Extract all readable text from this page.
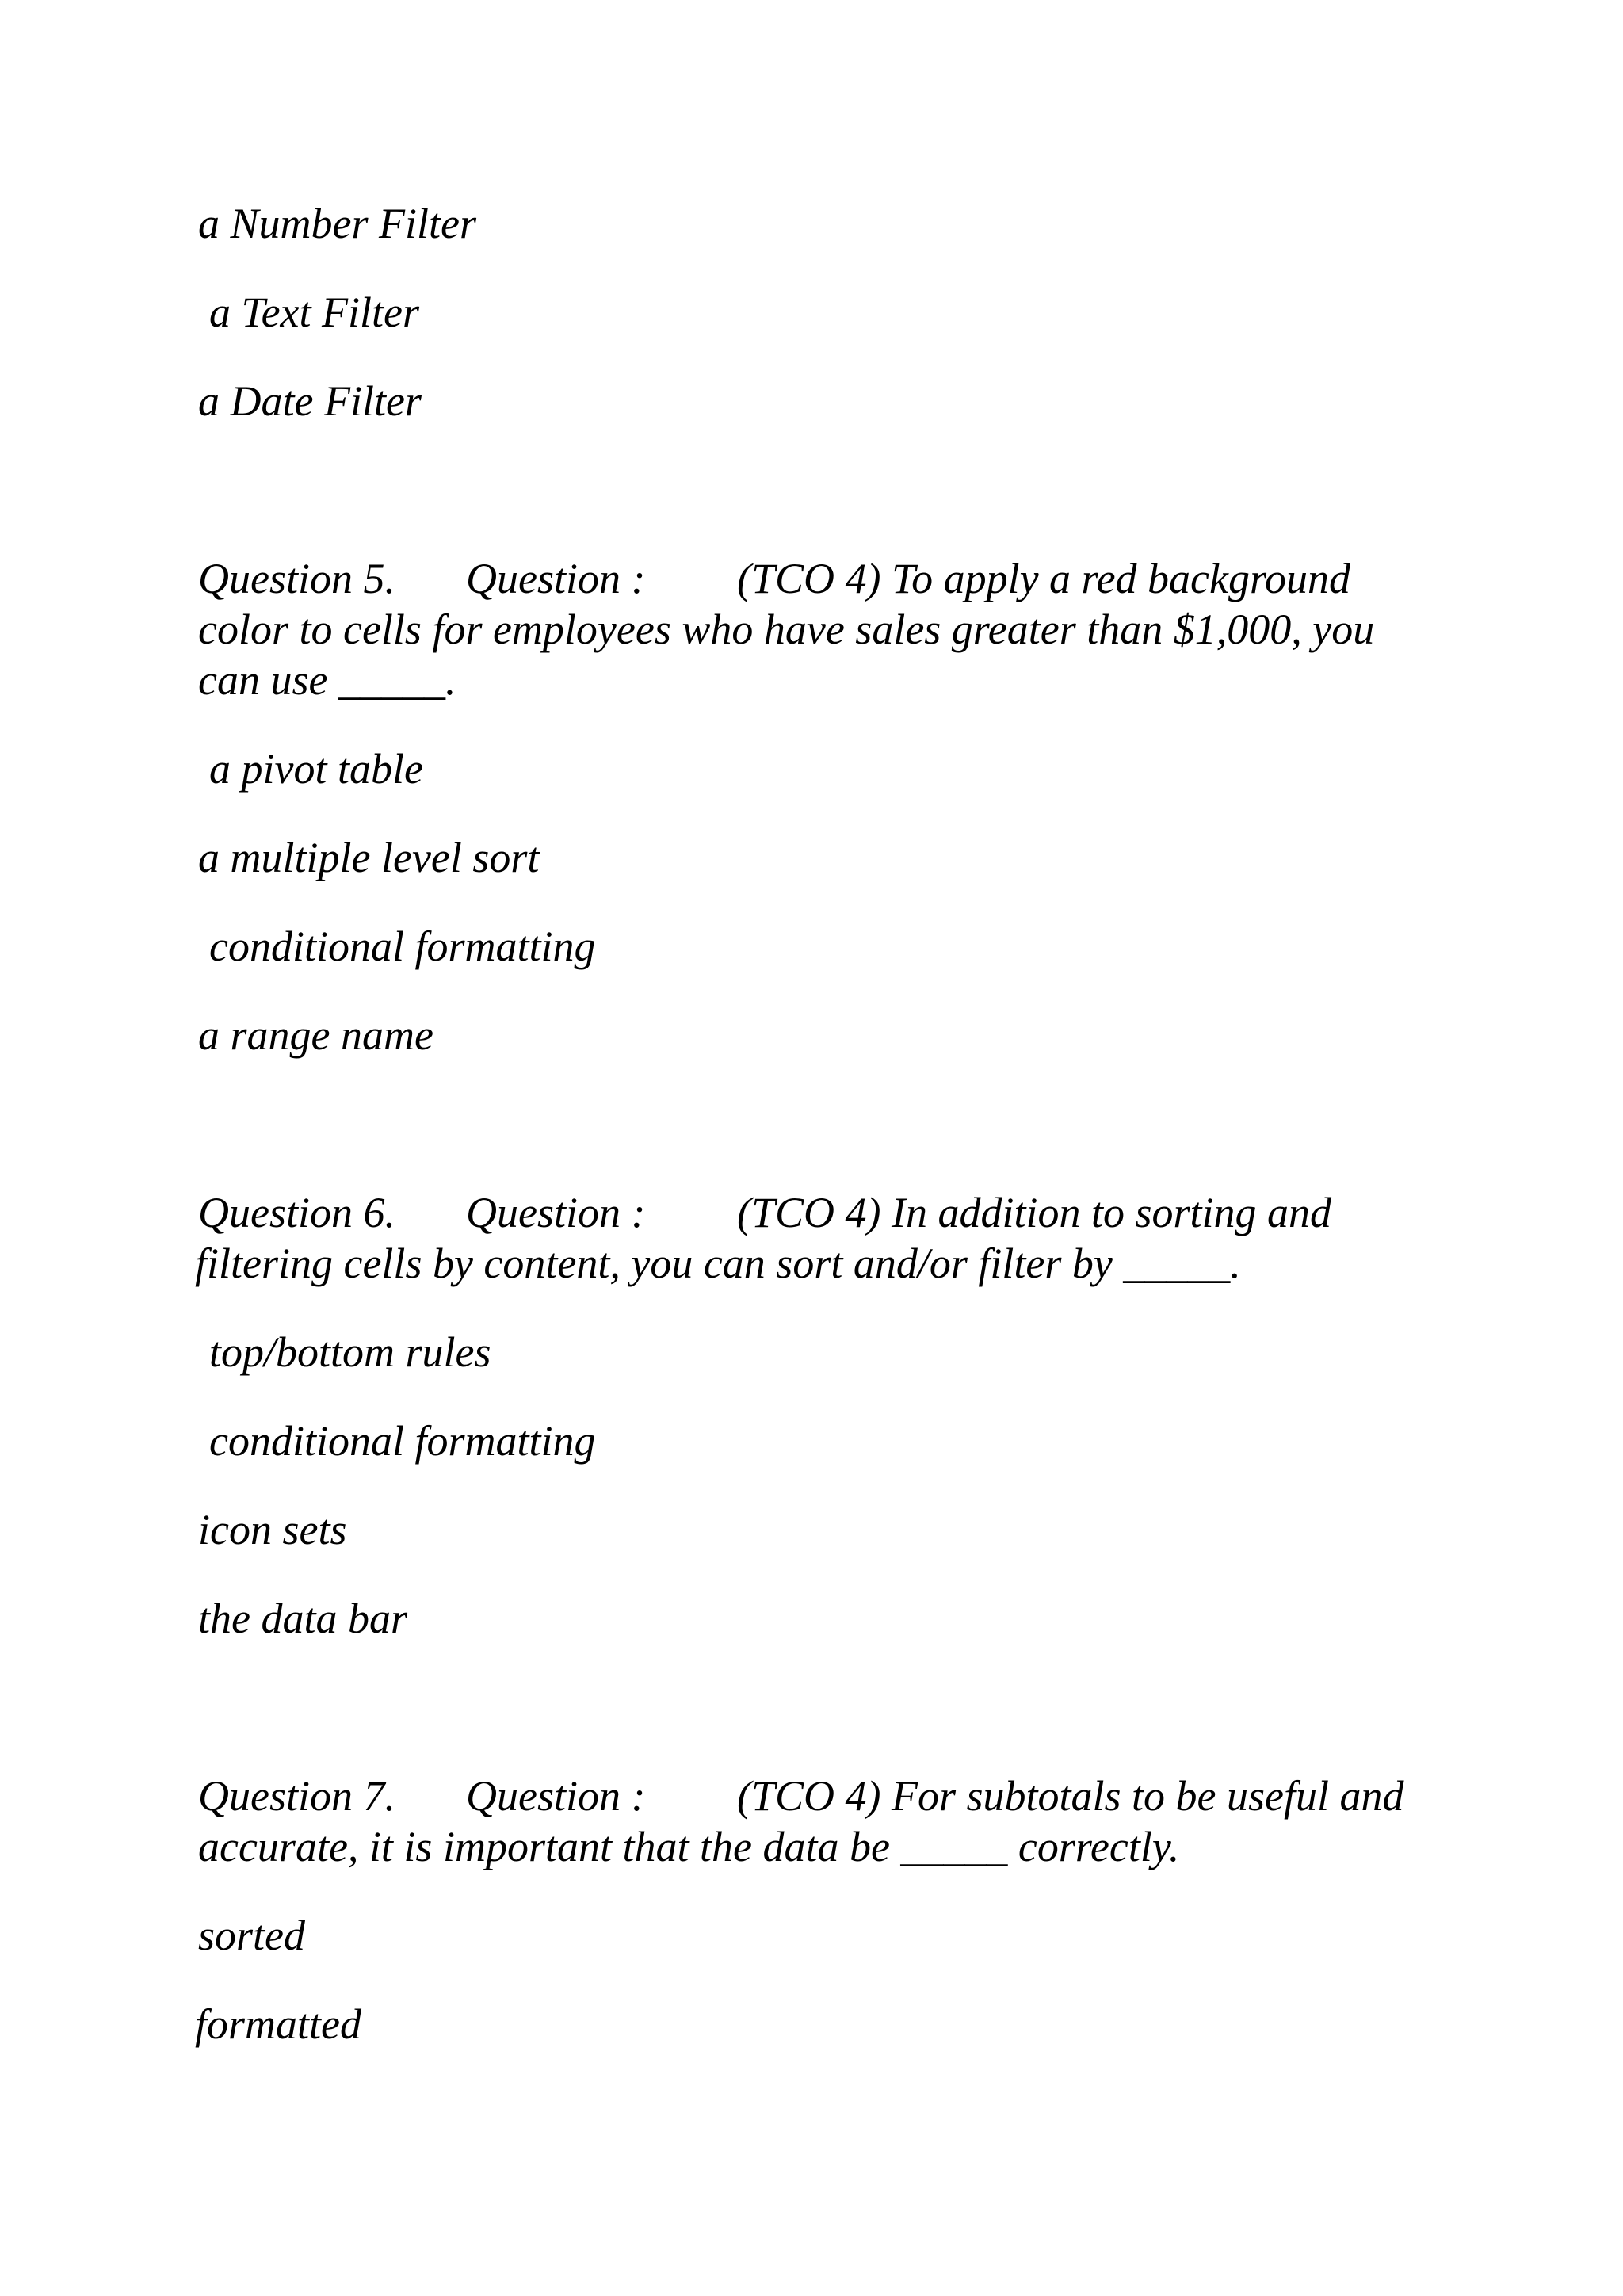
a Number Filter
a Text Filter
a Date Filter
Question 5. Question : (TCO 4) To apply a red background
color to cells for employees who have sales greater than $1,000, you
can use _____.
a pivot table
a multiple level sort
conditional formatting
a range name
Question 6. Question : (TCO 4) In addition to sorting and
filtering cells by content, you can sort and/or filter by _____.
top/bottom rules
conditional formatting
icon sets
the data bar
Question 7. Question : (TCO 4) For subtotals to be useful and
accurate, it is important that the data be _____ correctly.
sorted
formatted
